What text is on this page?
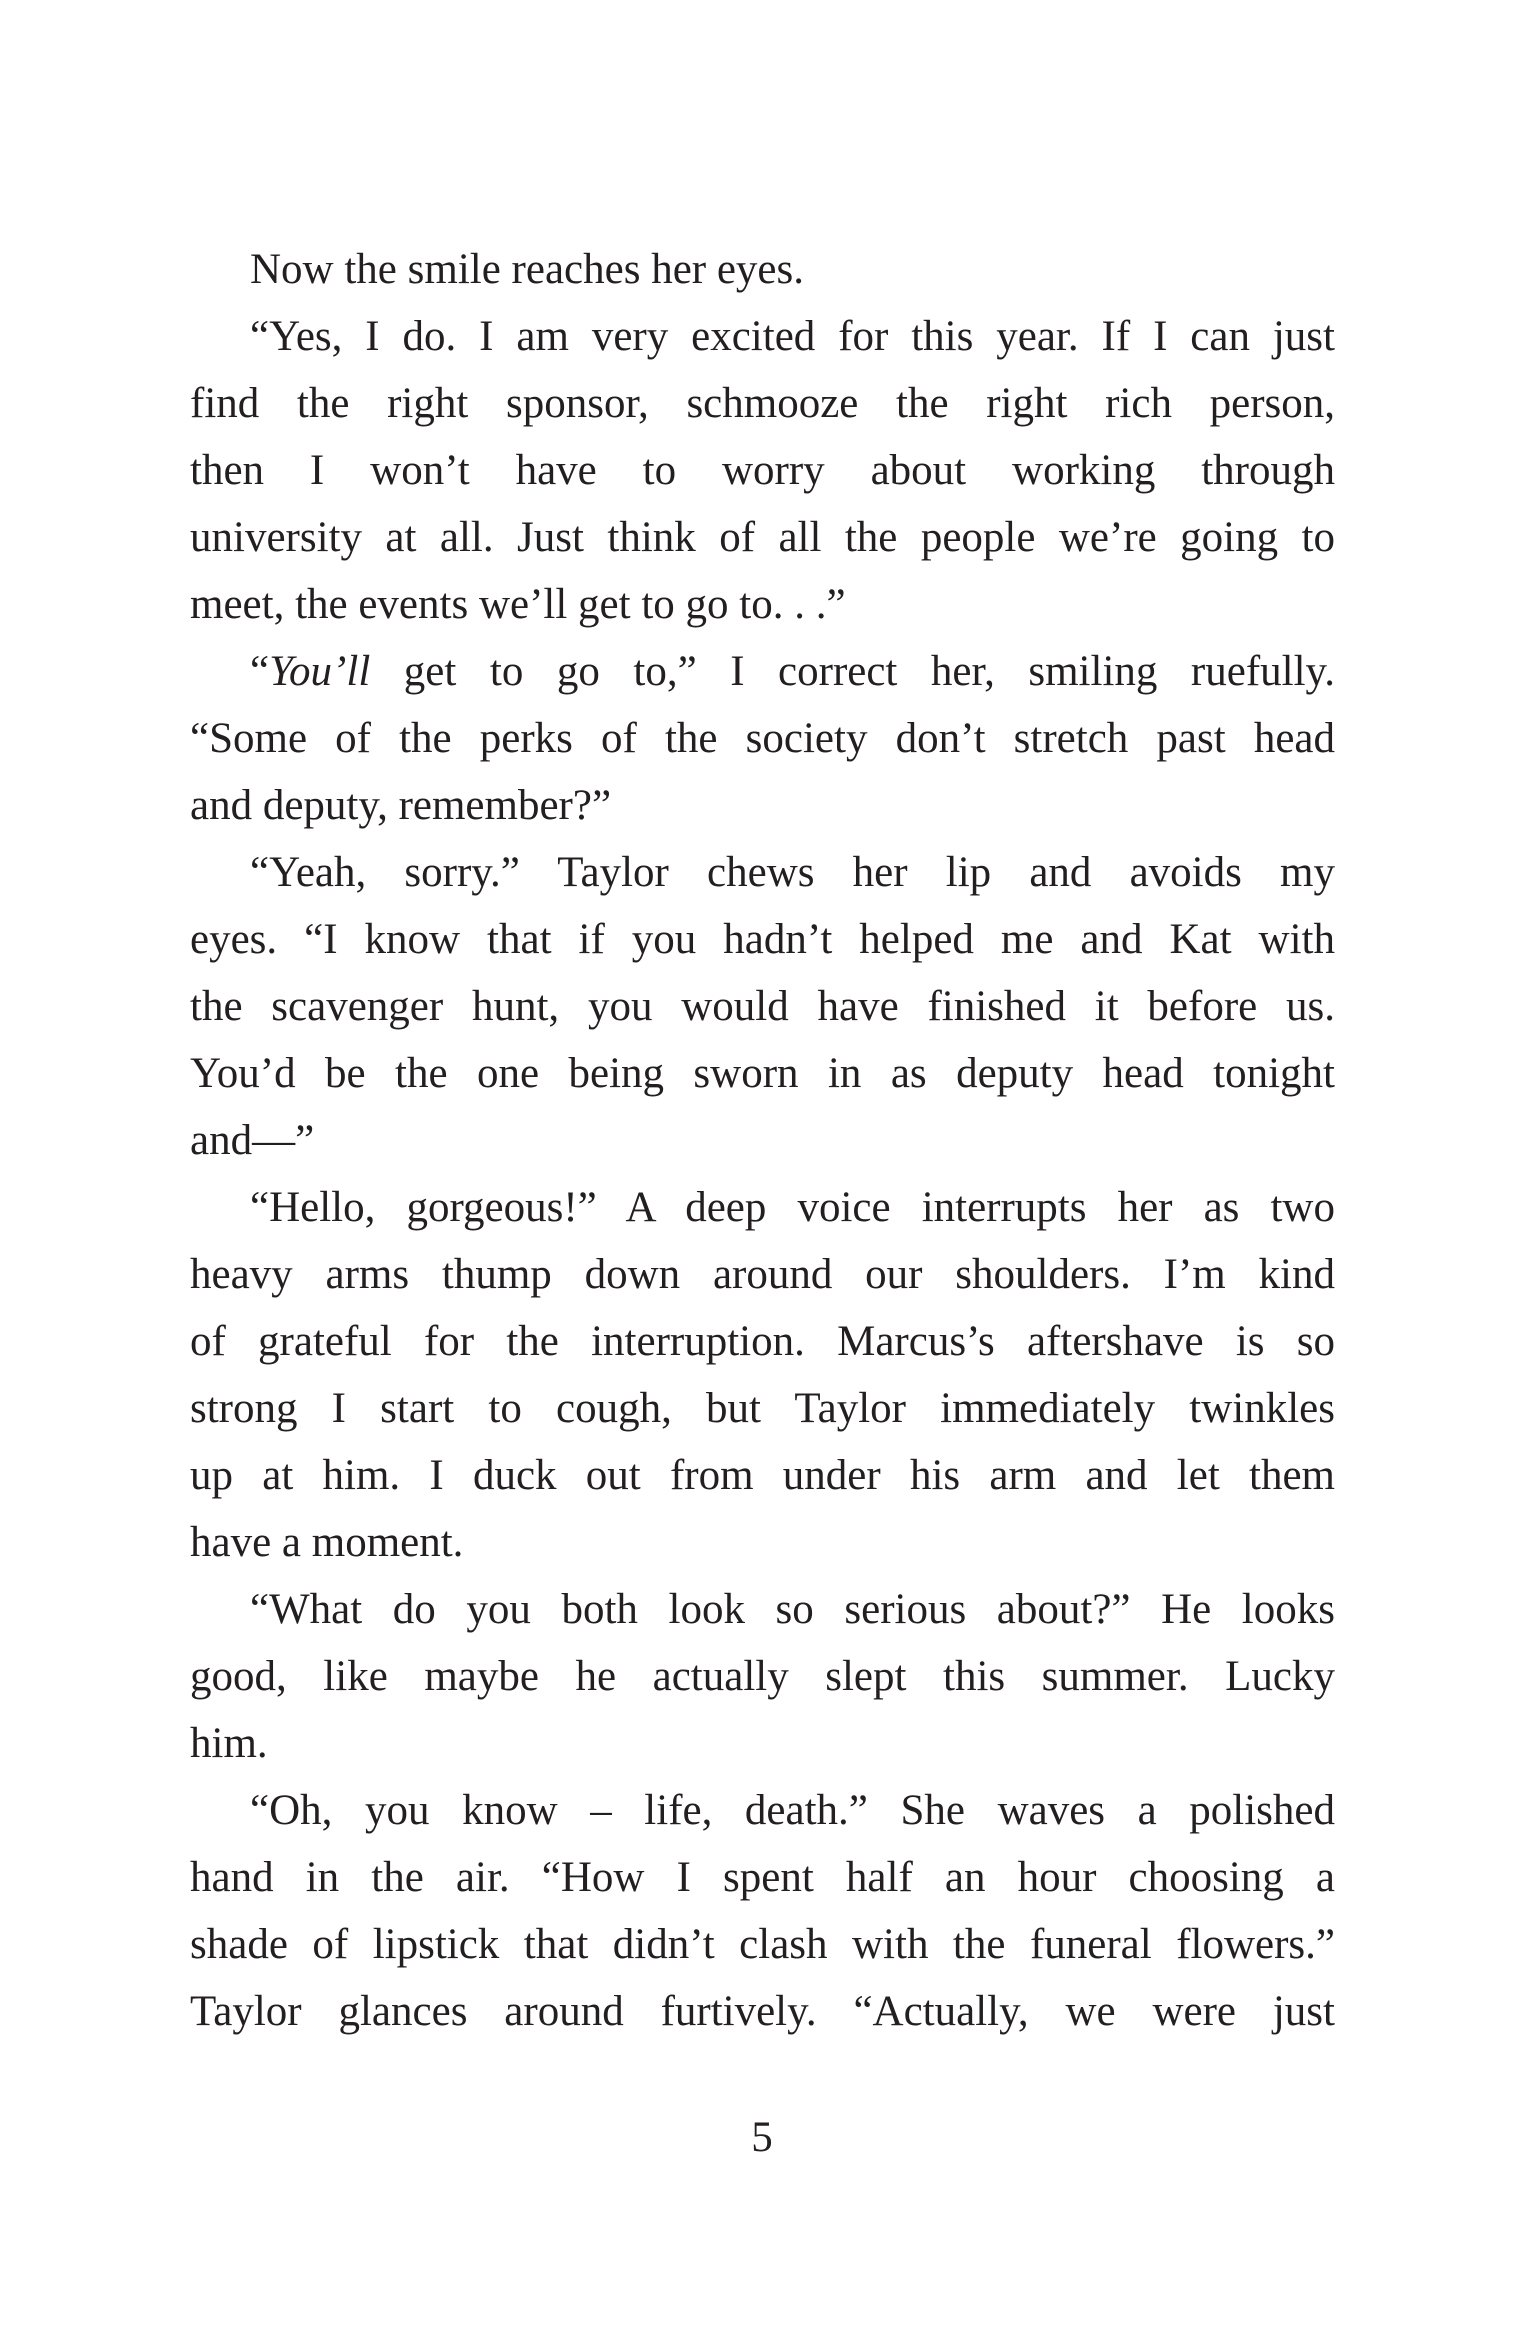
Now the smile reaches her eyes.
“Yes, I do. I am very excited for this year. If I can just
find the right sponsor, schmooze the right rich person,
then I won’t have to worry about working through
university at all. Just think of all the people we’re going to
meet, the events we’ll get to go to. . .”
“You’ll get to go to,” I correct her, smiling ruefully.
“Some of the perks of the society don’t stretch past head
and deputy, remember?”
“Yeah, sorry.” Taylor chews her lip and avoids my
eyes. “I know that if you hadn’t helped me and Kat with
the scavenger hunt, you would have finished it before us.
You’d be the one being sworn in as deputy head tonight
and—”
“Hello, gorgeous!” A deep voice interrupts her as two
heavy arms thump down around our shoulders. I’m kind
of grateful for the interruption. Marcus’s aftershave is so
strong I start to cough, but Taylor immediately twinkles
up at him. I duck out from under his arm and let them
have a moment.
“What do you both look so serious about?” He looks
good, like maybe he actually slept this summer. Lucky
him.
“Oh, you know – life, death.” She waves a polished
hand in the air. “How I spent half an hour choosing a
shade of lipstick that didn’t clash with the funeral flowers.”
Taylor glances around furtively. “Actually, we were just
5
